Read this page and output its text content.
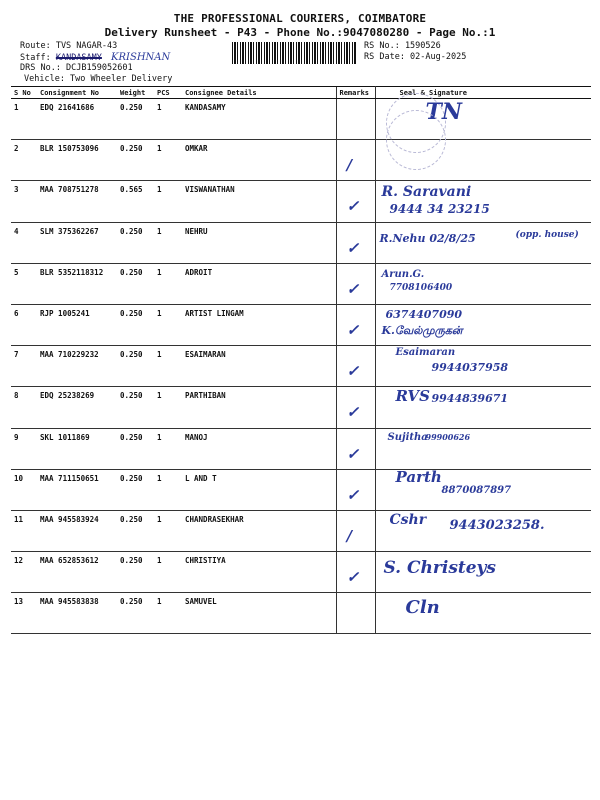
THE PROFESSIONAL COURIERS, COIMBATORE
Delivery Runsheet - P43 - Phone No.:9047080280 - Page No.:1
Route: TVS NAGAR-43
Staff: KANDASAMY KRISHNAN
DRS No.: DCJB159052601
Vehicle: Two Wheeler Delivery
RS No.: 1590526
RS Date: 02-Aug-2025
S No	Consignment No	Weight	PCS	Consignee Details	Remarks	Seal & Signature
1	EDQ 21641686	0.250	1	KANDASAMY		TN

2	BLR 150753096	0.250	1	OMKAR	/	

3	MAA 708751278	0.565	1	VISWANATHAN	✓	R. Saravani
9444 34 23215

4	SLM 375362267	0.250	1	NEHRU	✓	R.Nehu 02/8/25 (opp. house)

5	BLR 5352118312	0.250	1	ADROIT	✓	Arun.G.
7708106400

6	RJP 1005241	0.250	1	ARTIST LINGAM	✓	6374407090
K.வேல்முருகன்

7	MAA 710229232	0.250	1	ESAIMARAN	✓	Esaimaran
9944037958

8	EDQ 25238269	0.250	1	PARTHIBAN	✓	RVS 9944839671

9	SKL 1011869	0.250	1	MANOJ	✓	Sujitha
99900626

10	MAA 711150651	0.250	1	L AND T	✓	Parth
8870087897

11	MAA 945583924	0.250	1	CHANDRASEKHAR	/	Cshr 9443023258.

12	MAA 652853612	0.250	1	CHRISTIYA	✓	S. Christeys

13	MAA 945583838	0.250	1	SAMUVEL		Cln
